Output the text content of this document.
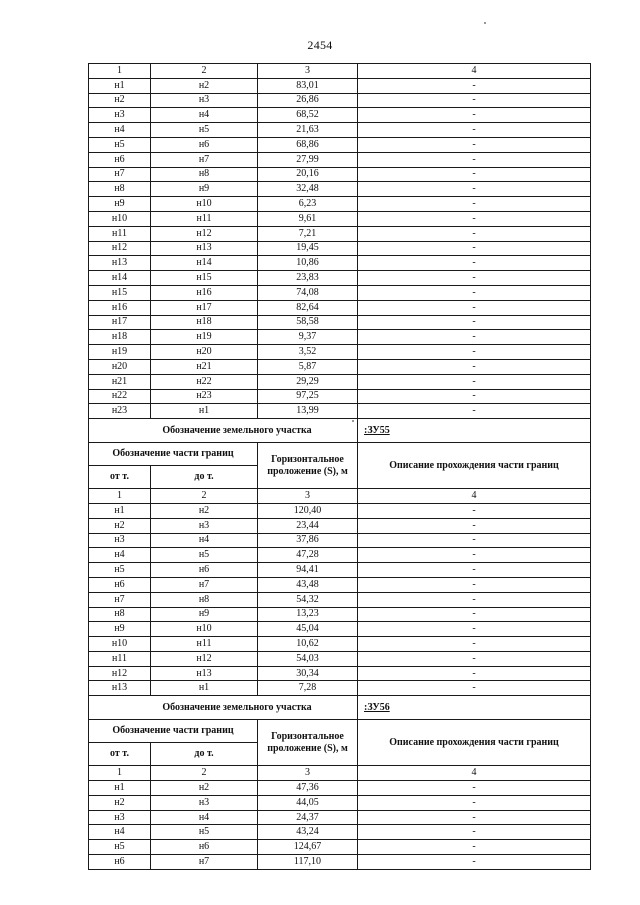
2454
1	2	3	4
н1	н2	83,01	-
н2	н3	26,86	-
н3	н4	68,52	-
н4	н5	21,63	-
н5	н6	68,86	-
н6	н7	27,99	-
н7	н8	20,16	-
н8	н9	32,48	-
н9	н10	6,23	-
н10	н11	9,61	-
н11	н12	7,21	-
н12	н13	19,45	-
н13	н14	10,86	-
н14	н15	23,83	-
н15	н16	74,08	-
н16	н17	82,64	-
н17	н18	58,58	-
н18	н19	9,37	-
н19	н20	3,52	-
н20	н21	5,87	-
н21	н22	29,29	-
н22	н23	97,25	-
н23	н1	13,99	-
Обозначение земельного участка			:ЗУ55
Обозначение части границ		Горизонтальное проложение (S), м	Описание прохождения части границ
от т.	до т.		
1	2	3	4
н1	н2	120,40	-
н2	н3	23,44	-
н3	н4	37,86	-
н4	н5	47,28	-
н5	н6	94,41	-
н6	н7	43,48	-
н7	н8	54,32	-
н8	н9	13,23	-
н9	н10	45,04	-
н10	н11	10,62	-
н11	н12	54,03	-
н12	н13	30,34	-
н13	н1	7,28	-
Обозначение земельного участка			:ЗУ56
Обозначение части границ		Горизонтальное проложение (S), м	Описание прохождения части границ
от т.	до т.		
1	2	3	4
н1	н2	47,36	-
н2	н3	44,05	-
н3	н4	24,37	-
н4	н5	43,24	-
н5	н6	124,67	-
н6	н7	117,10	-
